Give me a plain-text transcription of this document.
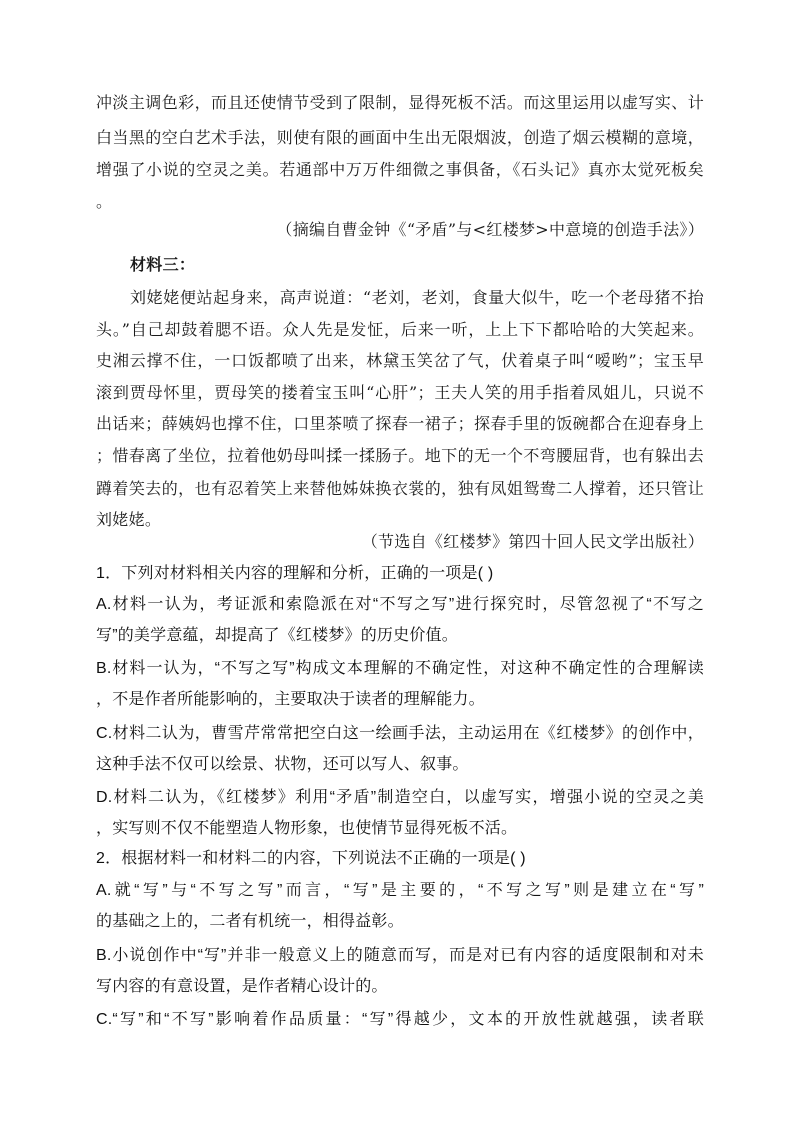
冲淡主调色彩，而且还使情节受到了限制，显得死板不活。而这里运用以虚写实、计
白当黑的空白艺术手法，则使有限的画面中生出无限烟波，创造了烟云模糊的意境，
增强了小说的空灵之美。若通部中万万件细微之事俱备，《石头记》真亦太觉死板矣
。
（摘编自曹金钟《“矛盾”与<红楼梦>中意境的创造手法》）
材料三：
刘姥姥便站起身来，高声说道：“老刘，老刘，食量大似牛，吃一个老母猪不抬
头。”自己却鼓着腮不语。众人先是发怔，后来一听，上上下下都哈哈的大笑起来。
史湘云撑不住，一口饭都喷了出来，林黛玉笑岔了气，伏着桌子叫“嗳哟”；宝玉早
滚到贾母怀里，贾母笑的搂着宝玉叫“心肝”；王夫人笑的用手指着凤姐儿，只说不
出话来；薛姨妈也撑不住，口里茶喷了探春一裙子；探春手里的饭碗都合在迎春身上
；惜春离了坐位，拉着他奶母叫揉一揉肠子。地下的无一个不弯腰屈背，也有躲出去
蹲着笑去的，也有忍着笑上来替他姊妹换衣裳的，独有凤姐鸳鸯二人撑着，还只管让
刘姥姥。
（节选自《红楼梦》第四十回人民文学出版社）
1．下列对材料相关内容的理解和分析，正确的一项是( )
A.材料一认为，考证派和索隐派在对“不写之写”进行探究时，尽管忽视了“不写之
写”的美学意蕴，却提高了《红楼梦》的历史价值。
B.材料一认为，“不写之写”构成文本理解的不确定性，对这种不确定性的合理解读
，不是作者所能影响的，主要取决于读者的理解能力。
C.材料二认为，曹雪芹常常把空白这一绘画手法，主动运用在《红楼梦》的创作中，
这种手法不仅可以绘景、状物，还可以写人、叙事。
D.材料二认为，《红楼梦》利用“矛盾”制造空白，以虚写实，增强小说的空灵之美
，实写则不仅不能塑造人物形象，也使情节显得死板不活。
2．根据材料一和材料二的内容，下列说法不正确的一项是( )
A.就“写”与“不写之写”而言，“写”是主要的，“不写之写”则是建立在“写”
的基础之上的，二者有机统一，相得益彰。
B.小说创作中“写”并非一般意义上的随意而写，而是对已有内容的适度限制和对未
写内容的有意设置，是作者精心设计的。
C.“写”和“不写”影响着作品质量：“写”得越少，文本的开放性就越强，读者联
